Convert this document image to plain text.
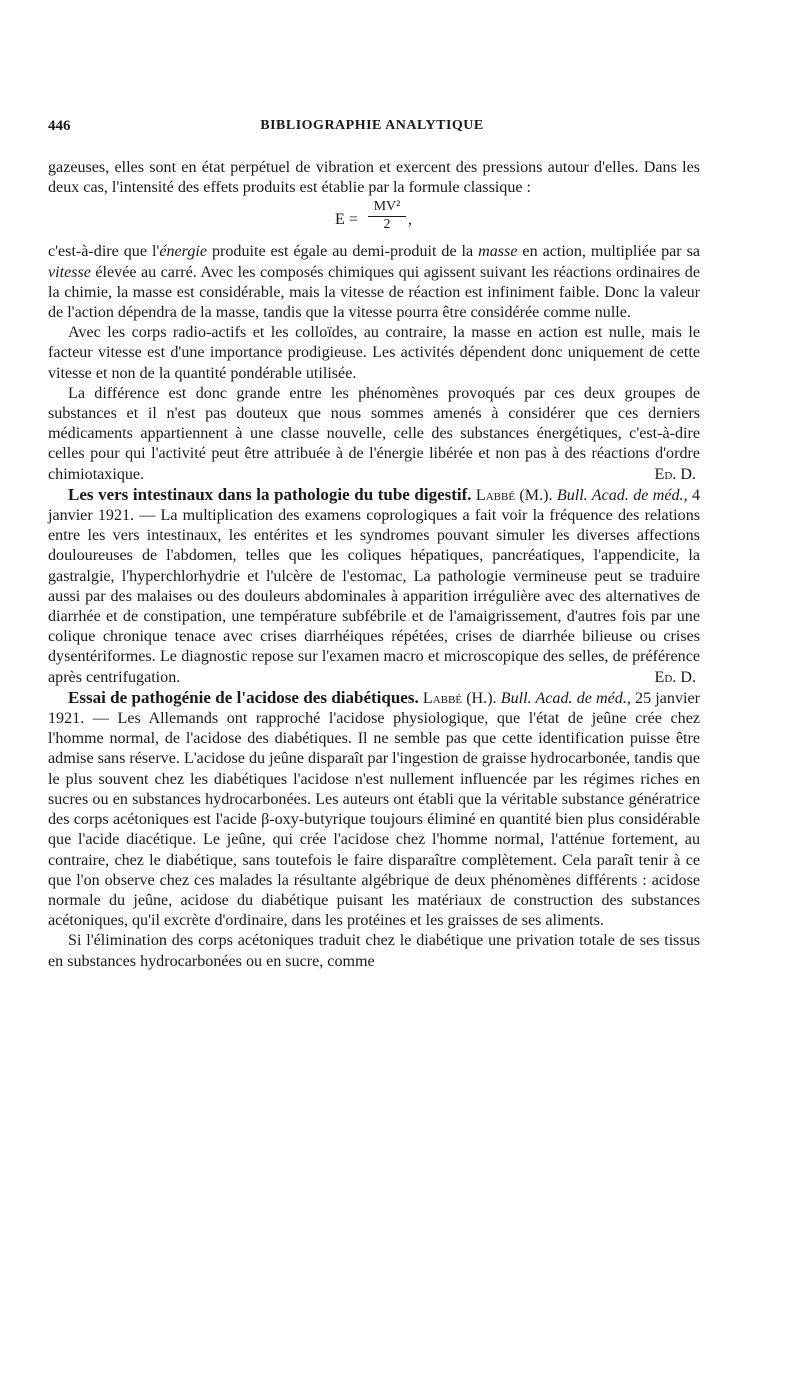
446	BIBLIOGRAPHIE ANALYTIQUE

gazeuses, elles sont en état perpétuel de vibration et exercent des pressions autour d'elles. Dans les deux cas, l'intensité des effets produits est établie par la formule classique :

$E = \frac{\text{MV²}}{2}$ ,

c'est-à-dire que l'énergie produite est égale au demi-produit de la masse en action, multipliée par sa vitesse élevée au carré. Avec les composés chimiques qui agissent suivant les réactions ordinaires de la chimie, la masse est considérable, mais la vitesse de réaction est infiniment faible. Donc la valeur de l'action dépendra de la masse, tandis que la vitesse pourra être considérée comme nulle.

Avec les corps radio-actifs et les colloïdes, au contraire, la masse en action est nulle, mais le facteur vitesse est d'une importance prodigieuse. Les activités dépendent donc uniquement de cette vitesse et non de la quantité pondérable utilisée.

La différence est donc grande entre les phénomènes provoqués par ces deux groupes de substances et il n'est pas douteux que nous sommes amenés à considérer que ces derniers médicaments appartiennent à une classe nouvelle, celle des substances énergétiques, c'est-à-dire celles pour qui l'activité peut être attribuée à de l'énergie libérée et non pas à des réactions d'ordre chimiotaxique.	Ed. D.

Les vers intestinaux dans la pathologie du tube digestif. Labbé (M.). Bull. Acad. de méd., 4 janvier 1921. — La multiplication des examens coprologiques a fait voir la fréquence des relations entre les vers intestinaux, les entérites et les syndromes pouvant simuler les diverses affections douloureuses de l'abdomen, telles que les coliques hépatiques, pancréatiques, l'appendicite, la gastralgie, l'hyperchlorhydrie et l'ulcère de l'estomac, La pathologie vermineuse peut se traduire aussi par des malaises ou des douleurs abdominales à apparition irrégulière avec des alternatives de diarrhée et de constipation, une température subfébrile et de l'amaigrissement, d'autres fois par une colique chronique tenace avec crises diarrhéiques répétées, crises de diarrhée bilieuse ou crises dysentériformes. Le diagnostic repose sur l'examen macro et microscopique des selles, de préférence après centrifugation.	Ed. D.

Essai de pathogénie de l'acidose des diabétiques. Labbé (H.). Bull. Acad. de méd., 25 janvier 1921. — Les Allemands ont rapproché l'acidose physiologique, que l'état de jeûne crée chez l'homme normal, de l'acidose des diabétiques. Il ne semble pas que cette identification puisse être admise sans réserve. L'acidose du jeûne disparaît par l'ingestion de graisse hydrocarbonée, tandis que le plus souvent chez les diabétiques l'acidose n'est nullement influencée par les régimes riches en sucres ou en substances hydrocarbonées. Les auteurs ont établi que la véritable substance génératrice des corps acétoniques est l'acide β-oxy-butyrique toujours éliminé en quantité bien plus considérable que l'acide diacétique. Le jeûne, qui crée l'acidose chez l'homme normal, l'atténue fortement, au contraire, chez le diabétique, sans toutefois le faire disparaître complètement. Cela paraît tenir à ce que l'on observe chez ces malades la résultante algébrique de deux phénomènes différents : acidose normale du jeûne, acidose du diabétique puisant les matériaux de construction des substances acétoniques, qu'il excrète d'ordinaire, dans les protéines et les graisses de ses aliments.

Si l'élimination des corps acétoniques traduit chez le diabétique une privation totale de ses tissus en substances hydrocarbonées ou en sucre, comme
